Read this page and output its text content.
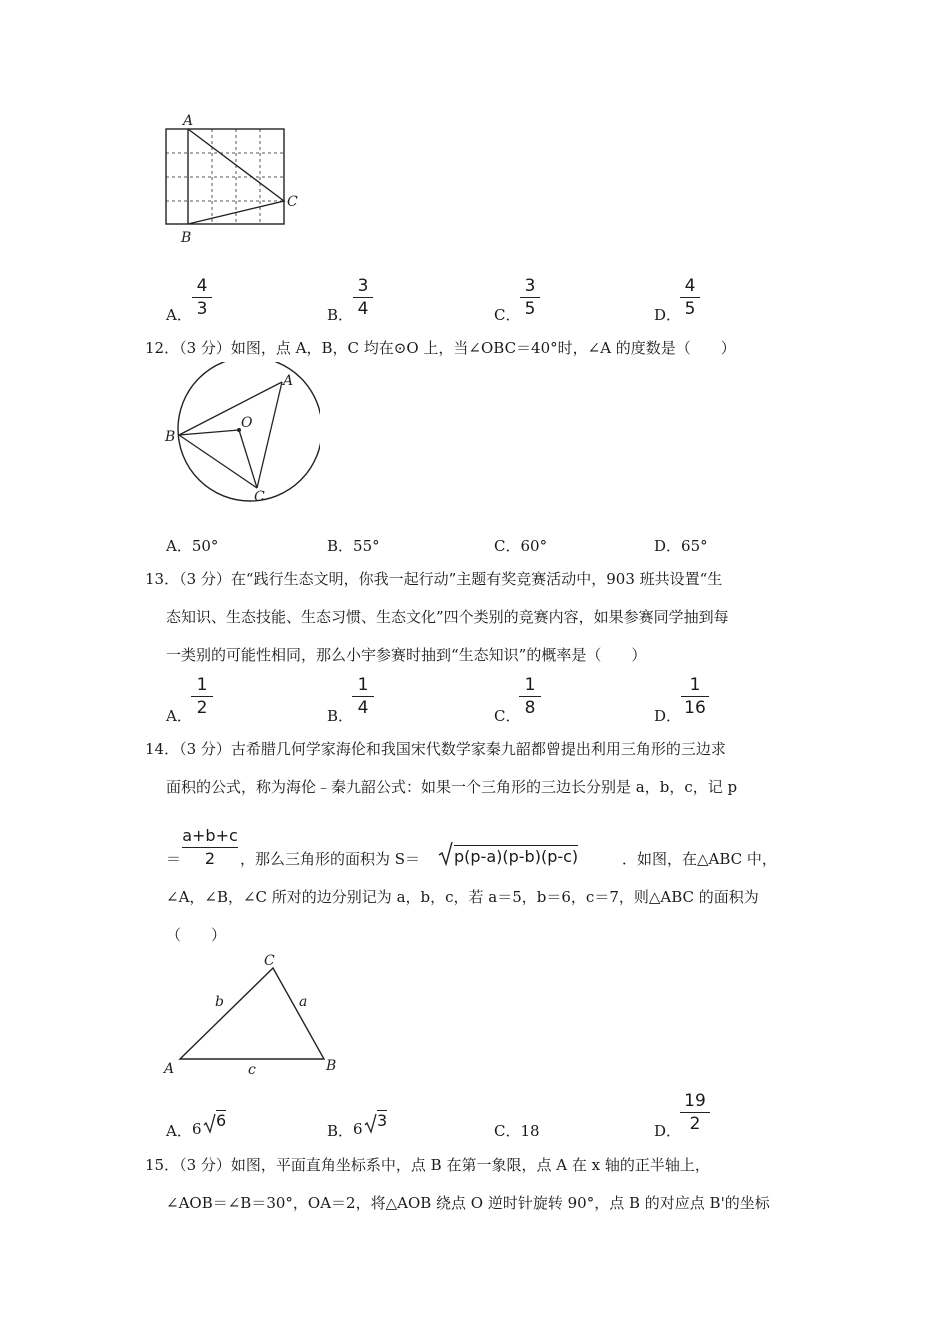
A
B
C
A．
4
3	B．
3
4	C．
3
5	D．
4
5
12．（3 分）如图，点 A，B，C 均在⊙O 上，当∠OBC＝40°时，∠A 的度数是（　　）
A
B
C
O
A．50°	B．55°	C．60°	D．65°
13．（3 分）在“践行生态文明，你我一起行动”主题有奖竞赛活动中，903 班共设置“生
态知识、生态技能、生态习惯、生态文化”四个类别的竞赛内容，如果参赛同学抽到每
一类别的可能性相同，那么小宇参赛时抽到“生态知识”的概率是（　　）
A．
1
2	B．
1
4	C．
1
8	D．
1
16
14．（3 分）古希腊几何学家海伦和我国宋代数学家秦九韶都曾提出利用三角形的三边求
面积的公式，称为海伦﹣秦九韶公式：如果一个三角形的三边长分别是 a，b，c，记 p
＝
a+b+c
2	，那么三角形的面积为 S＝ p(p-a)(p-b)(p-c)	．如图，在△ABC 中，
∠A，∠B，∠C 所对的边分别记为 a，b，c，若 a＝5，b＝6，c＝7，则△ABC 的面积为
（　　）
C
A	B
b	a
c
A． 6 6
B． 6 3
C．18	D．
19
2
15．（3 分）如图，平面直角坐标系中，点 B 在第一象限，点 A 在 x 轴的正半轴上，
∠AOB＝∠B＝30°，OA＝2，将△AOB 绕点 O 逆时针旋转 90°，点 B 的对应点 B'的坐标
